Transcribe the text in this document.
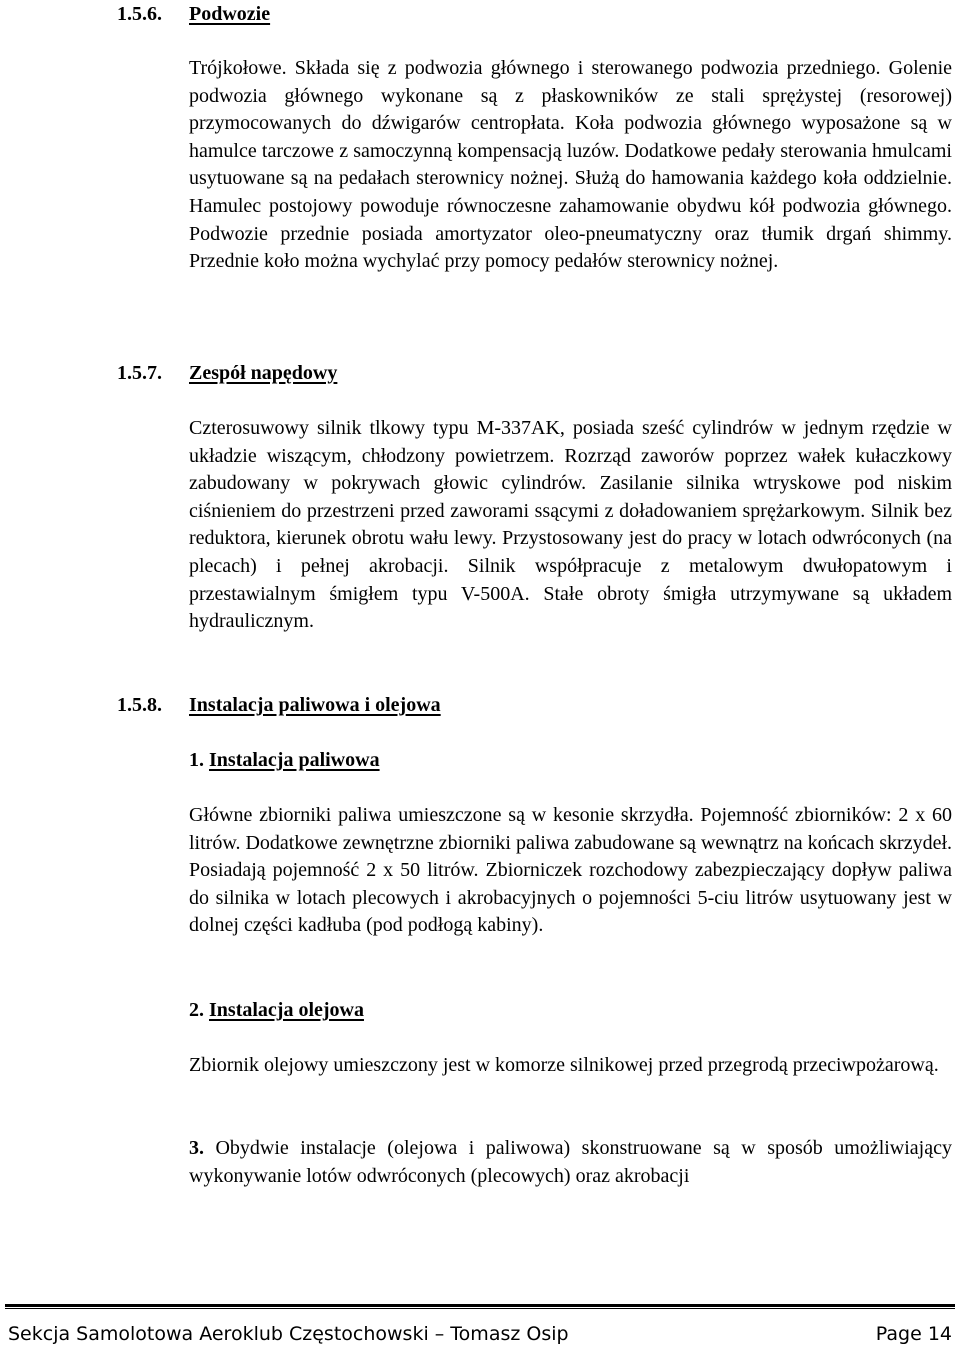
1.5.6. Podwozie

Trójkołowe. Składa się z podwozia głównego i sterowanego podwozia przedniego. Golenie podwozia głównego wykonane są z płaskowników ze stali sprężystej (resorowej) przymocowanych do dźwigarów centropłata. Koła podwozia głównego wyposażone są w hamulce tarczowe z samoczynną kompensacją luzów. Dodatkowe pedały sterowania hmulcami usytuowane są na pedałach sterownicy nożnej. Służą do hamowania każdego koła oddzielnie. Hamulec postojowy powoduje równoczesne zahamowanie obydwu kół podwozia głównego. Podwozie przednie posiada amortyzator oleo-pneumatyczny oraz tłumik drgań shimmy. Przednie koło można wychylać przy pomocy pedałów sterownicy nożnej.

1.5.7. Zespół napędowy

Czterosuwowy silnik tlkowy typu M-337AK, posiada sześć cylindrów w jednym rzędzie w układzie wiszącym, chłodzony powietrzem. Rozrząd zaworów poprzez wałek kułaczkowy zabudowany w pokrywach głowic cylindrów. Zasilanie silnika wtryskowe pod niskim ciśnieniem do przestrzeni przed zaworami ssącymi z doładowaniem sprężarkowym. Silnik bez reduktora, kierunek obrotu wału lewy. Przystosowany jest do pracy w lotach odwróconych (na plecach) i pełnej akrobacji. Silnik współpracuje z metalowym dwułopatowym i przestawialnym śmigłem typu V-500A. Stałe obroty śmigła utrzymywane są układem hydraulicznym.

1.5.8. Instalacja paliwowa i olejowa
1. Instalacja paliwowa

Główne zbiorniki paliwa umieszczone są w kesonie skrzydła. Pojemność zbiorników: 2 x 60 litrów. Dodatkowe zewnętrzne zbiorniki paliwa zabudowane są wewnątrz na końcach skrzydeł. Posiadają pojemność 2 x 50 litrów. Zbiorniczek rozchodowy zabezpieczający dopływ paliwa do silnika w lotach plecowych i akrobacyjnych o pojemności 5-ciu litrów usytuowany jest w dolnej części kadłuba (pod podłogą kabiny).

2. Instalacja olejowa

Zbiornik olejowy umieszczony jest w komorze silnikowej przed przegrodą przeciwpożarową.

3. Obydwie instalacje (olejowa i paliwowa) skonstruowane są w sposób umożliwiający wykonywanie lotów odwróconych (plecowych) oraz akrobacji

Sekcja Samolotowa Aeroklub Częstochowski – Tomasz Osip	Page 14
